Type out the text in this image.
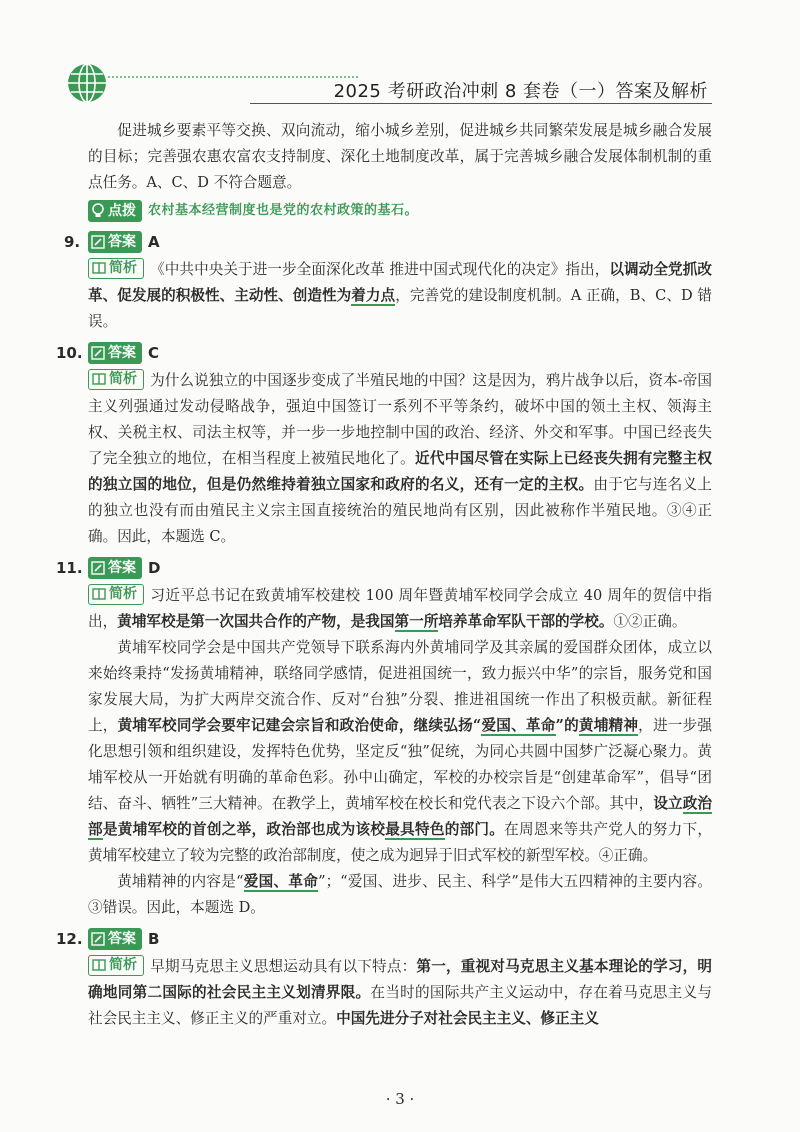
2025 考研政治冲刺 8 套卷（一）答案及解析

促进城乡要素平等交换、双向流动，缩小城乡差别，促进城乡共同繁荣发展是城乡融合发展的目标；完善强农惠农富农支持制度、深化土地制度改革，属于完善城乡融合发展体制机制的重点任务。A、C、D 不符合题意。

点拨 农村基本经营制度也是党的农村政策的基石。
9.	答案 A

简析 《中共中央关于进一步全面深化改革 推进中国式现代化的决定》指出，以调动全党抓改革、促发展的积极性、主动性、创造性为着力点，完善党的建设制度机制。A 正确，B、C、D 错误。

10.	答案 C

简析 为什么说独立的中国逐步变成了半殖民地的中国？这是因为，鸦片战争以后，资本-帝国主义列强通过发动侵略战争，强迫中国签订一系列不平等条约，破坏中国的领土主权、领海主权、关税主权、司法主权等，并一步一步地控制中国的政治、经济、外交和军事。中国已经丧失了完全独立的地位，在相当程度上被殖民地化了。近代中国尽管在实际上已经丧失拥有完整主权的独立国的地位，但是仍然维持着独立国家和政府的名义，还有一定的主权。由于它与连名义上的独立也没有而由殖民主义宗主国直接统治的殖民地尚有区别，因此被称作半殖民地。③④正确。因此，本题选 C。

11.	答案 D

简析 习近平总书记在致黄埔军校建校 100 周年暨黄埔军校同学会成立 40 周年的贺信中指出，黄埔军校是第一次国共合作的产物，是我国第一所培养革命军队干部的学校。①②正确。

黄埔军校同学会是中国共产党领导下联系海内外黄埔同学及其亲属的爱国群众团体，成立以来始终秉持“发扬黄埔精神，联络同学感情，促进祖国统一，致力振兴中华”的宗旨，服务党和国家发展大局，为扩大两岸交流合作、反对“台独”分裂、推进祖国统一作出了积极贡献。新征程上，黄埔军校同学会要牢记建会宗旨和政治使命，继续弘扬“爱国、革命”的黄埔精神，进一步强化思想引领和组织建设，发挥特色优势，坚定反“独”促统，为同心共圆中国梦广泛凝心聚力。黄埔军校从一开始就有明确的革命色彩。孙中山确定，军校的办校宗旨是“创建革命军”，倡导“团结、奋斗、牺牲”三大精神。在教学上，黄埔军校在校长和党代表之下设六个部。其中，设立政治部是黄埔军校的首创之举，政治部也成为该校最具特色的部门。在周恩来等共产党人的努力下，黄埔军校建立了较为完整的政治部制度，使之成为迥异于旧式军校的新型军校。④正确。

黄埔精神的内容是“爱国、革命”；“爱国、进步、民主、科学”是伟大五四精神的主要内容。③错误。因此，本题选 D。

12.	答案 B

简析 早期马克思主义思想运动具有以下特点：第一，重视对马克思主义基本理论的学习，明确地同第二国际的社会民主主义划清界限。在当时的国际共产主义运动中，存在着马克思主义与社会民主主义、修正主义的严重对立。中国先进分子对社会民主主义、修正主义

· 3 ·
